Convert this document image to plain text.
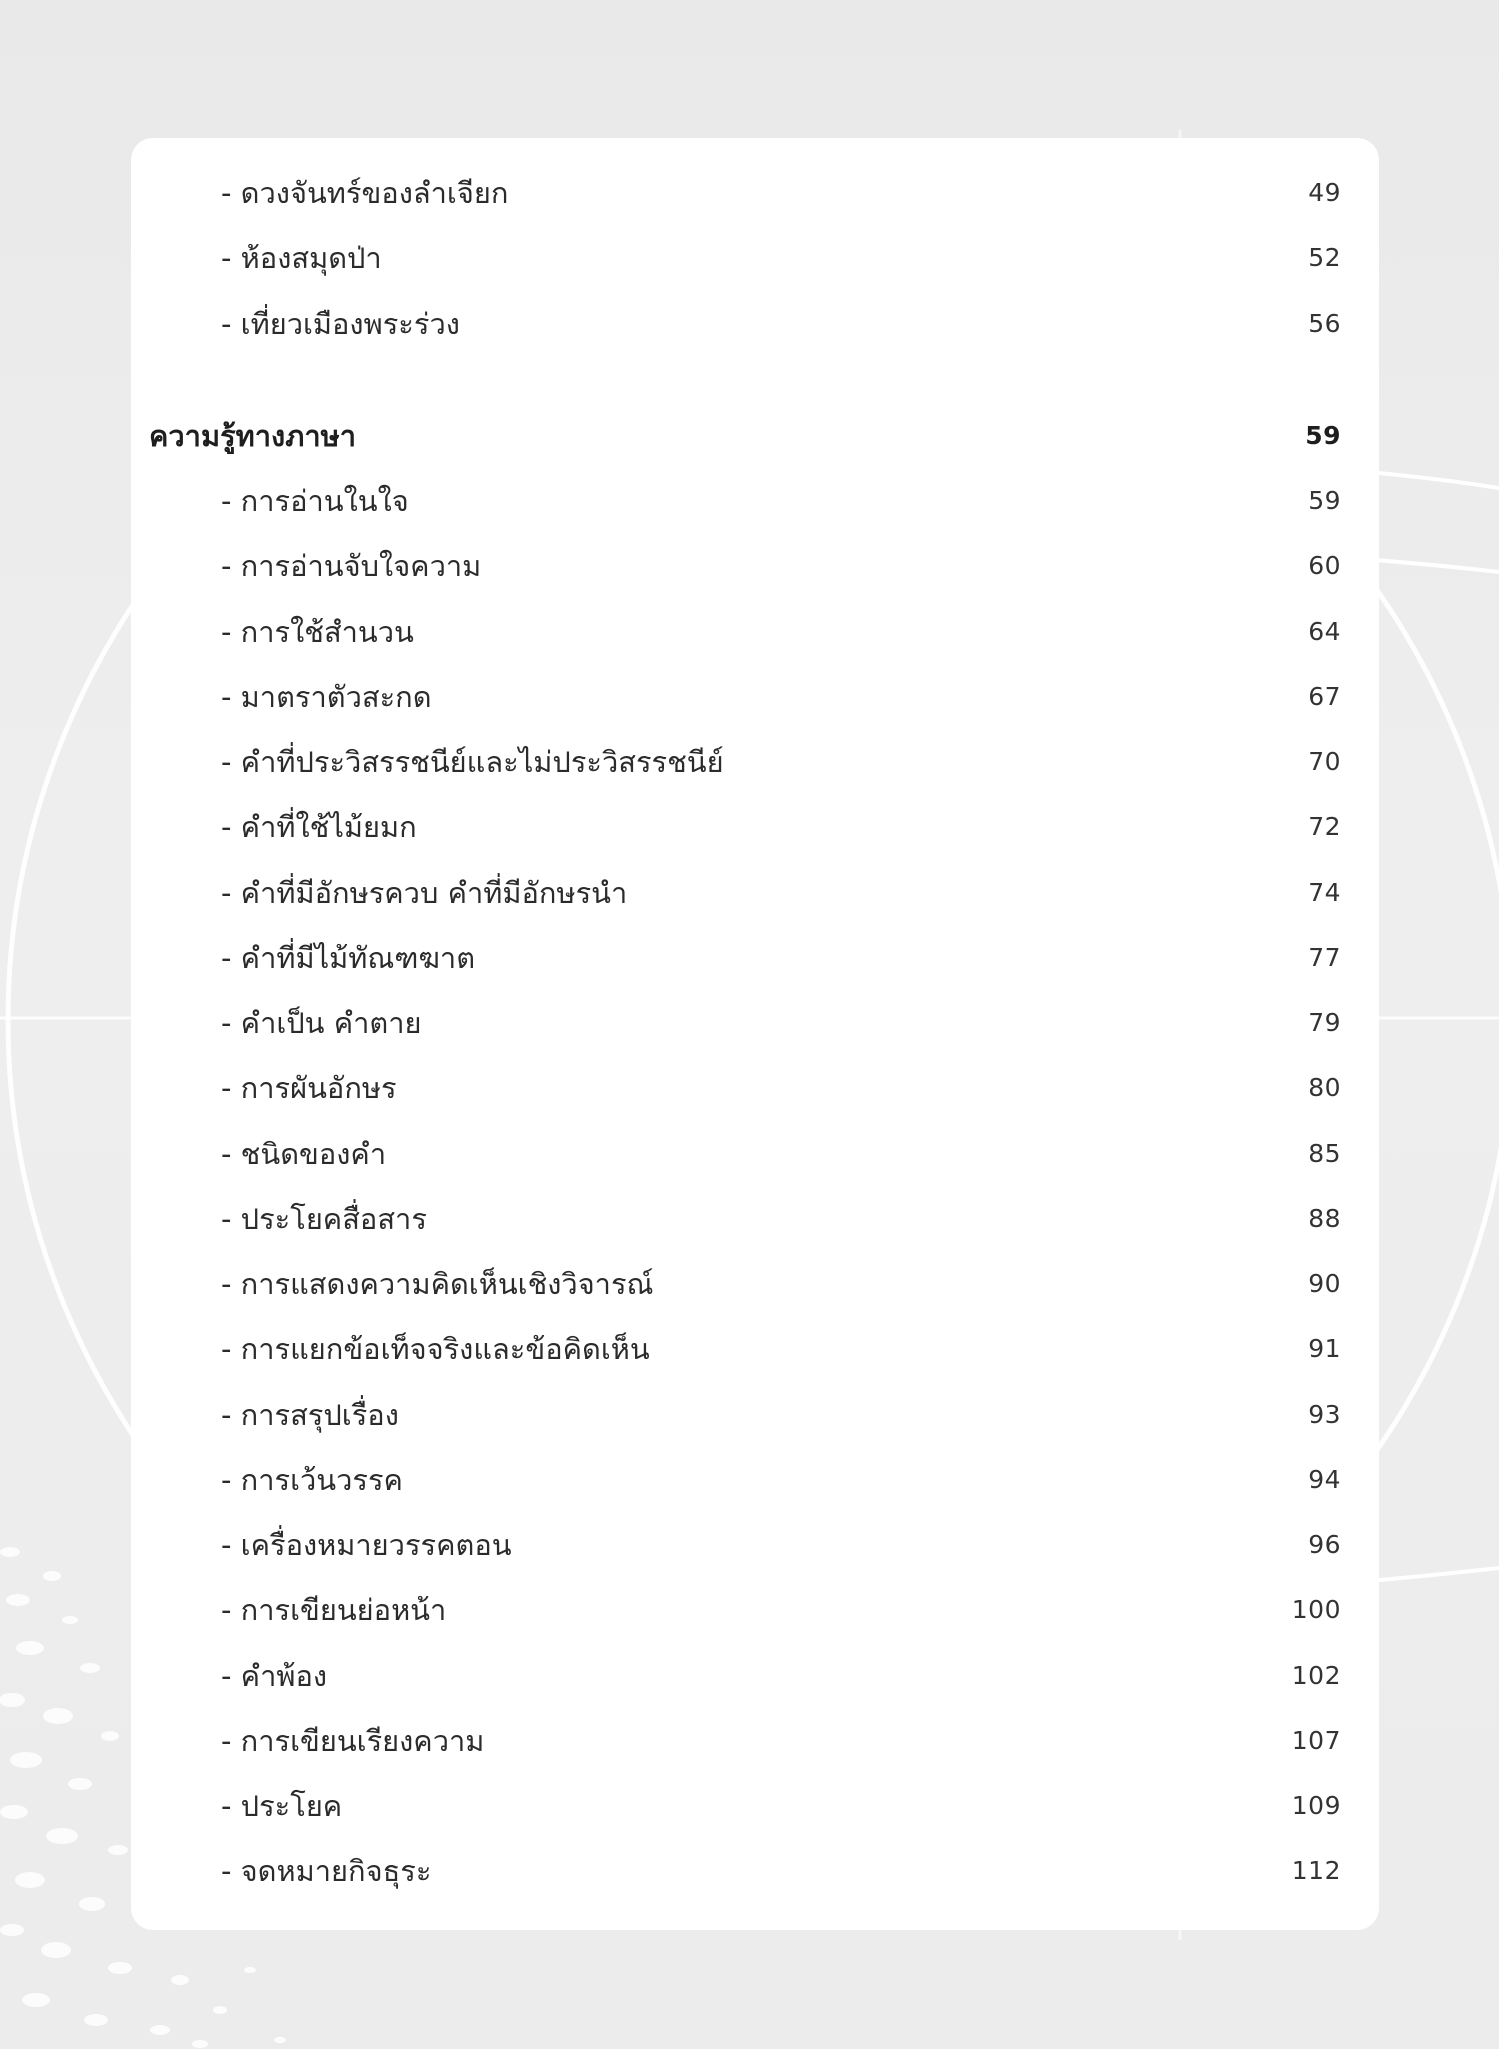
- ดวงจันทร์ของลำเจียก	49
- ห้องสมุดป่า	52
- เที่ยวเมืองพระร่วง	56
ความรู้ทางภาษา	59
- การอ่านในใจ	59
- การอ่านจับใจความ	60
- การใช้สำนวน	64
- มาตราตัวสะกด	67
- คำที่ประวิสรรชนีย์และไม่ประวิสรรชนีย์	70
- คำที่ใช้ไม้ยมก	72
- คำที่มีอักษรควบ คำที่มีอักษรนำ	74
- คำที่มีไม้ทัณฑฆาต	77
- คำเป็น คำตาย	79
- การผันอักษร	80
- ชนิดของคำ	85
- ประโยคสื่อสาร	88
- การแสดงความคิดเห็นเชิงวิจารณ์	90
- การแยกข้อเท็จจริงและข้อคิดเห็น	91
- การสรุปเรื่อง	93
- การเว้นวรรค	94
- เครื่องหมายวรรคตอน	96
- การเขียนย่อหน้า	100
- คำพ้อง	102
- การเขียนเรียงความ	107
- ประโยค	109
- จดหมายกิจธุระ	112
